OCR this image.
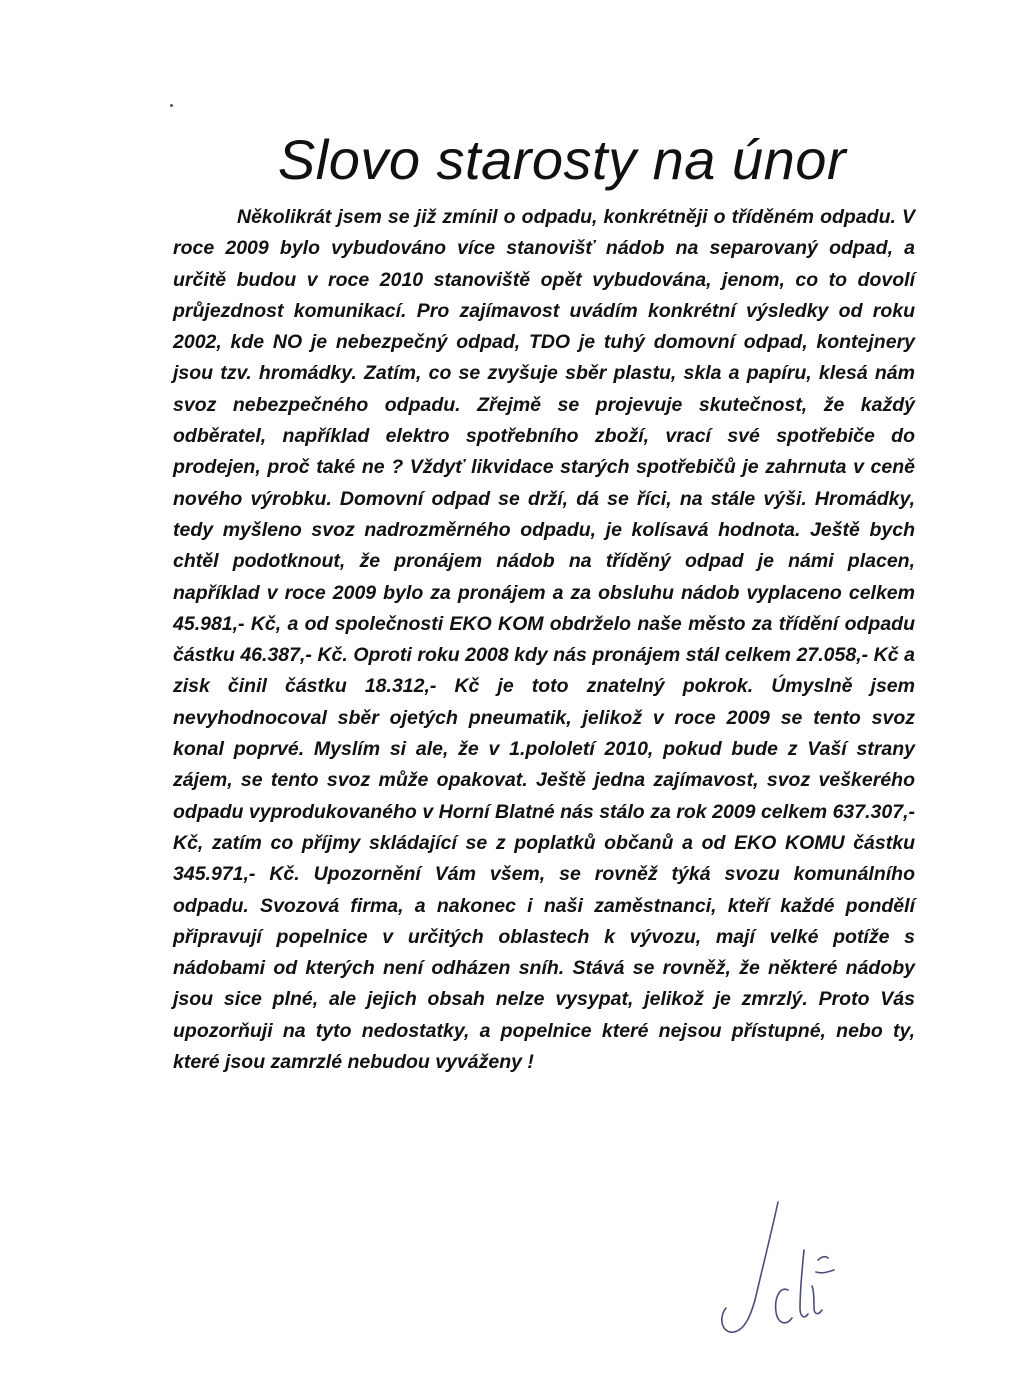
Slovo starosty na únor

Několikrát jsem se již zmínil o odpadu, konkrétněji o tříděném odpadu. V roce 2009 bylo vybudováno více stanovišť nádob na separovaný odpad, a určitě budou v roce 2010 stanoviště opět vybudována, jenom, co to dovolí průjezdnost komunikací. Pro zajímavost uvádím konkrétní výsledky od roku 2002, kde NO je nebezpečný odpad, TDO je tuhý domovní odpad, kontejnery jsou tzv. hromádky. Zatím, co se zvyšuje sběr plastu, skla a papíru, klesá nám svoz nebezpečného odpadu. Zřejmě se projevuje skutečnost, že každý odběratel, například elektro spotřebního zboží, vrací své spotřebiče do prodejen, proč také ne ? Vždyť likvidace starých spotřebičů je zahrnuta v ceně nového výrobku. Domovní odpad se drží, dá se říci, na stále výši. Hromádky, tedy myšleno svoz nadrozměrného odpadu, je kolísavá hodnota. Ještě bych chtěl podotknout, že pronájem nádob na tříděný odpad je námi placen, například v roce 2009 bylo za pronájem a za obsluhu nádob vyplaceno celkem 45.981,- Kč, a od společnosti EKO KOM obdrželo naše město za třídění odpadu částku 46.387,- Kč. Oproti roku 2008 kdy nás pronájem stál celkem 27.058,- Kč a zisk činil částku 18.312,- Kč je toto znatelný pokrok. Úmyslně jsem nevyhodnocoval sběr ojetých pneumatik, jelikož v roce 2009 se tento svoz konal poprvé. Myslím si ale, že v 1.pololetí 2010, pokud bude z Vaší strany zájem, se tento svoz může opakovat. Ještě jedna zajímavost, svoz veškerého odpadu vyprodukovaného v Horní Blatné nás stálo za rok 2009 celkem 637.307,- Kč, zatím co příjmy skládající se z poplatků občanů a od EKO KOMU částku 345.971,- Kč. Upozornění Vám všem, se rovněž týká svozu komunálního odpadu. Svozová firma, a nakonec i naši zaměstnanci, kteří každé pondělí připravují popelnice v určitých oblastech k vývozu, mají velké potíže s nádobami od kterých není odházen sníh. Stává se rovněž, že některé nádoby jsou sice plné, ale jejich obsah nelze vysypat, jelikož je zmrzlý. Proto Vás upozorňuji na tyto nedostatky, a popelnice které nejsou přístupné, nebo ty, které jsou zamrzlé nebudou vyváženy !
